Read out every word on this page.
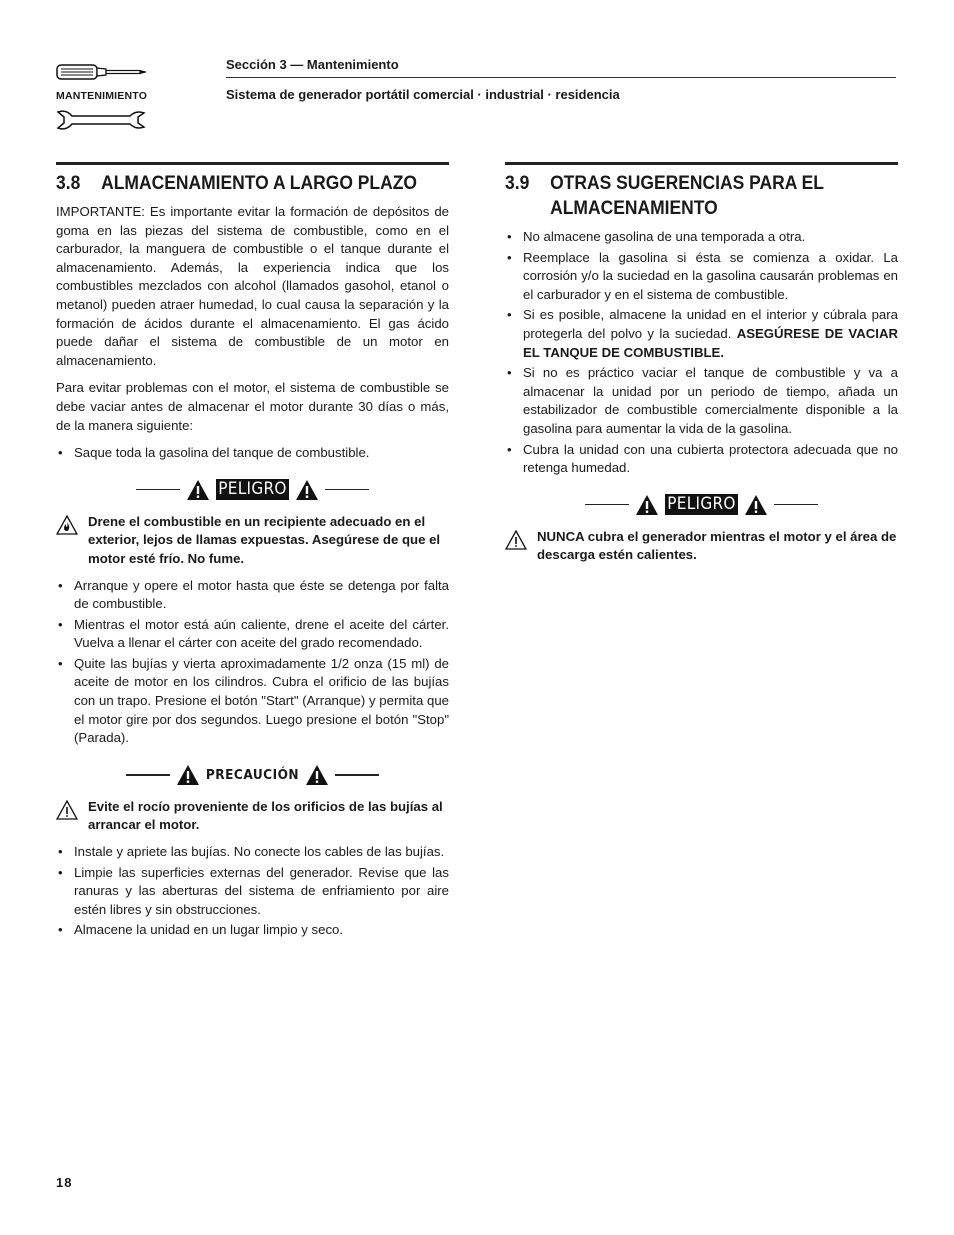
MANTENIMIENTO
Sección 3 — Mantenimiento
Sistema de generador portátil comercial · industrial · residencia
3.8	ALMACENAMIENTO A LARGO PLAZO

IMPORTANTE: Es importante evitar la formación de depósitos de goma en las piezas del sistema de combustible, como en el carburador, la manguera de combustible o el tanque durante el almacenamiento. Además, la experiencia indica que los combustibles mezclados con alcohol (llamados gasohol, etanol o metanol) pueden atraer humedad, lo cual causa la separación y la formación de ácidos durante el almacenamiento. El gas ácido puede dañar el sistema de combustible de un motor en almacenamiento.

Para evitar problemas con el motor, el sistema de combustible se debe vaciar antes de almacenar el motor durante 30 días o más, de la manera siguiente:

• Saque toda la gasolina del tanque de combustible.
PELIGRO
Drene el combustible en un recipiente adecuado en el exterior, lejos de llamas expuestas. Asegúrese de que el motor esté frío. No fume.
• Arranque y opere el motor hasta que éste se detenga por falta de combustible.
• Mientras el motor está aún caliente, drene el aceite del cárter. Vuelva a llenar el cárter con aceite del grado recomendado.
• Quite las bujías y vierta aproximadamente 1/2 onza (15 ml) de aceite de motor en los cilindros. Cubra el orificio de las bujías con un trapo. Presione el botón "Start" (Arranque) y permita que el motor gire por dos segundos. Luego presione el botón "Stop" (Parada).
PRECAUCIÓN
Evite el rocío proveniente de los orificios de las bujías al arrancar el motor.
• Instale y apriete las bujías. No conecte los cables de las bujías.
• Limpie las superficies externas del generador. Revise que las ranuras y las aberturas del sistema de enfriamiento por aire estén libres y sin obstrucciones.
• Almacene la unidad en un lugar limpio y seco.
3.9	OTRAS SUGERENCIAS PARA EL
ALMACENAMIENTO
• No almacene gasolina de una temporada a otra.
• Reemplace la gasolina si ésta se comienza a oxidar. La corrosión y/o la suciedad en la gasolina causarán problemas en el carburador y en el sistema de combustible.
• Si es posible, almacene la unidad en el interior y cúbrala para protegerla del polvo y la suciedad. ASEGÚRESE DE VACIAR EL TANQUE DE COMBUSTIBLE.
• Si no es práctico vaciar el tanque de combustible y va a almacenar la unidad por un periodo de tiempo, añada un estabilizador de combustible comercialmente disponible a la gasolina para aumentar la vida de la gasolina.
• Cubra la unidad con una cubierta protectora adecuada que no retenga humedad.
PELIGRO
NUNCA cubra el generador mientras el motor y el área de descarga estén calientes.
18
